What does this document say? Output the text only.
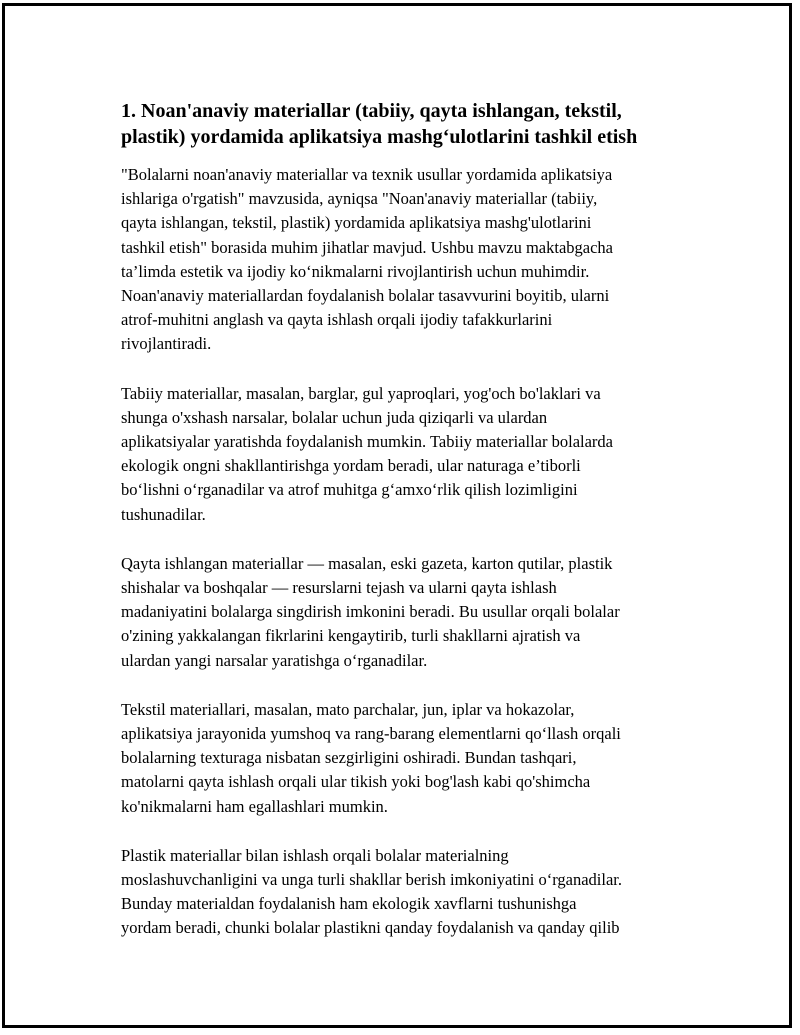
1. Noan'anaviy materiallar (tabiiy, qayta ishlangan, tekstil,
plastik) yordamida aplikatsiya mashg‘ulotlarini tashkil etish

"Bolalarni noan'anaviy materiallar va texnik usullar yordamida aplikatsiya
ishlariga o'rgatish" mavzusida, ayniqsa "Noan'anaviy materiallar (tabiiy,
qayta ishlangan, tekstil, plastik) yordamida aplikatsiya mashg'ulotlarini
tashkil etish" borasida muhim jihatlar mavjud. Ushbu mavzu maktabgacha
ta’limda estetik va ijodiy ko‘nikmalarni rivojlantirish uchun muhimdir.
Noan'anaviy materiallardan foydalanish bolalar tasavvurini boyitib, ularni
atrof-muhitni anglash va qayta ishlash orqali ijodiy tafakkurlarini
rivojlantiradi.

Tabiiy materiallar, masalan, barglar, gul yaproqlari, yog'och bo'laklari va
shunga o'xshash narsalar, bolalar uchun juda qiziqarli va ulardan
aplikatsiyalar yaratishda foydalanish mumkin. Tabiiy materiallar bolalarda
ekologik ongni shakllantirishga yordam beradi, ular naturaga e’tiborli
bo‘lishni o‘rganadilar va atrof muhitga g‘amxo‘rlik qilish lozimligini
tushunadilar.

Qayta ishlangan materiallar — masalan, eski gazeta, karton qutilar, plastik
shishalar va boshqalar — resurslarni tejash va ularni qayta ishlash
madaniyatini bolalarga singdirish imkonini beradi. Bu usullar orqali bolalar
o'zining yakkalangan fikrlarini kengaytirib, turli shakllarni ajratish va
ulardan yangi narsalar yaratishga o‘rganadilar.

Tekstil materiallari, masalan, mato parchalar, jun, iplar va hokazolar,
aplikatsiya jarayonida yumshoq va rang-barang elementlarni qo‘llash orqali
bolalarning texturaga nisbatan sezgirligini oshiradi. Bundan tashqari,
matolarni qayta ishlash orqali ular tikish yoki bog'lash kabi qo'shimcha
ko'nikmalarni ham egallashlari mumkin.

Plastik materiallar bilan ishlash orqali bolalar materialning
moslashuvchanligini va unga turli shakllar berish imkoniyatini o‘rganadilar.
Bunday materialdan foydalanish ham ekologik xavflarni tushunishga
yordam beradi, chunki bolalar plastikni qanday foydalanish va qanday qilib
